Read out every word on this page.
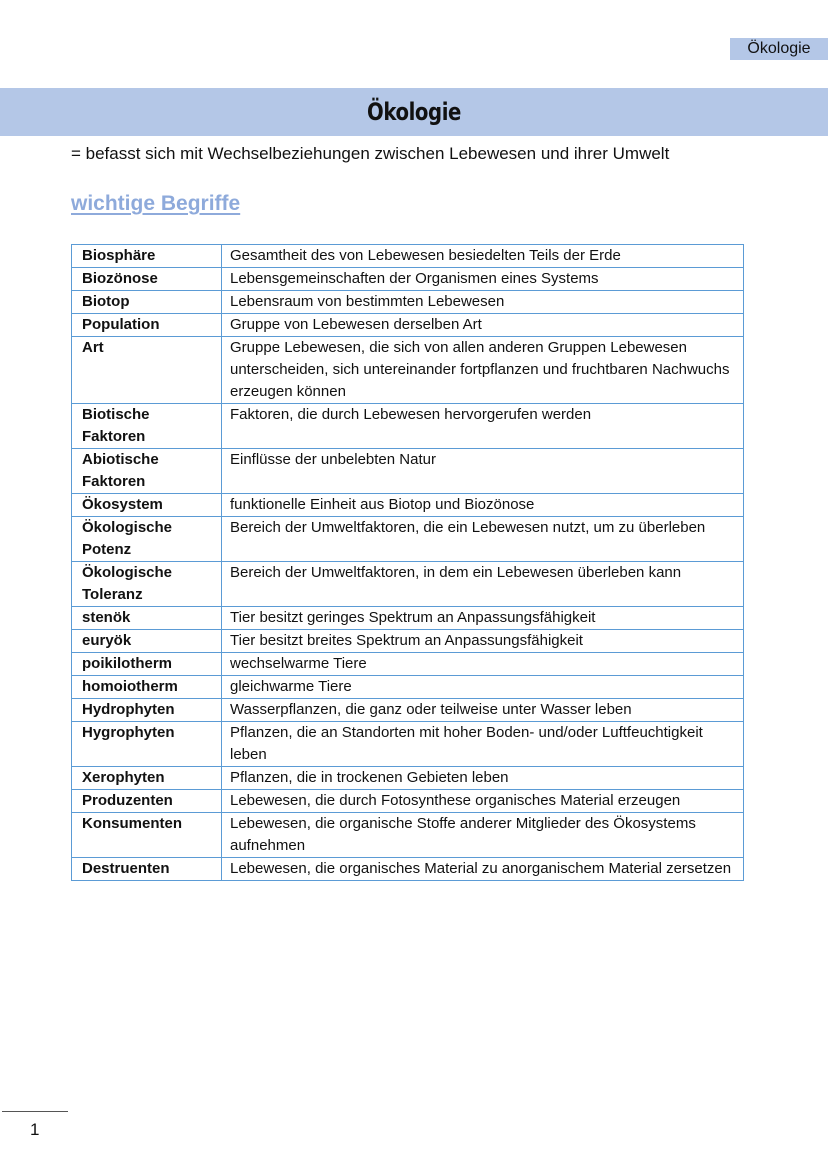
Ökologie
Ökologie
= befasst sich mit Wechselbeziehungen zwischen Lebewesen und ihrer Umwelt
wichtige Begriffe
Biosphäre	Gesamtheit des von Lebewesen besiedelten Teils der Erde
Biozönose	Lebensgemeinschaften der Organismen eines Systems
Biotop	Lebensraum von bestimmten Lebewesen
Population	Gruppe von Lebewesen derselben Art
Art	Gruppe Lebewesen, die sich von allen anderen Gruppen Lebewesen unterscheiden, sich untereinander fortpflanzen und fruchtbaren Nachwuchs erzeugen können
Biotische Faktoren	Faktoren, die durch Lebewesen hervorgerufen werden
Abiotische Faktoren	Einflüsse der unbelebten Natur
Ökosystem	funktionelle Einheit aus Biotop und Biozönose
Ökologische Potenz	Bereich der Umweltfaktoren, die ein Lebewesen nutzt, um zu überleben
Ökologische Toleranz	Bereich der Umweltfaktoren, in dem ein Lebewesen überleben kann
stenök	Tier besitzt geringes Spektrum an Anpassungsfähigkeit
euryök	Tier besitzt breites Spektrum an Anpassungsfähigkeit
poikilotherm	wechselwarme Tiere
homoiotherm	gleichwarme Tiere
Hydrophyten	Wasserpflanzen, die ganz oder teilweise unter Wasser leben
Hygrophyten	Pflanzen, die an Standorten mit hoher Boden- und/oder Luftfeuchtigkeit leben
Xerophyten	Pflanzen, die in trockenen Gebieten leben
Produzenten	Lebewesen, die durch Fotosynthese organisches Material erzeugen
Konsumenten	Lebewesen, die organische Stoffe anderer Mitglieder des Ökosystems aufnehmen
Destruenten	Lebewesen, die organisches Material zu anorganischem Material zersetzen
1
